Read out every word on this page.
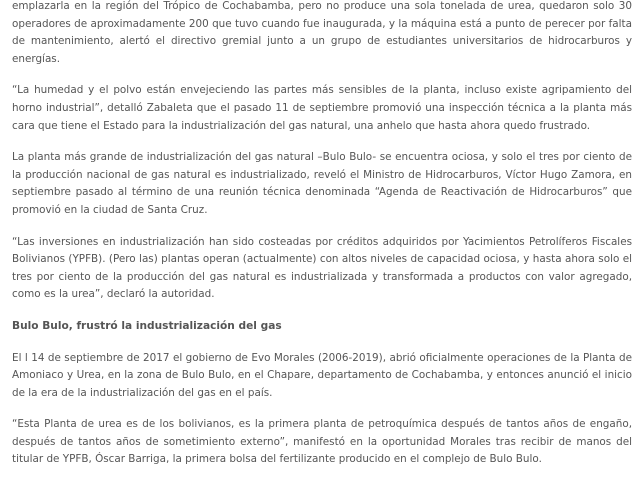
emplazarla en la región del Trópico de Cochabamba, pero no produce una sola tonelada de urea, quedaron solo 30 operadores de aproximadamente 200 que tuvo cuando fue inaugurada, y la máquina está a punto de perecer por falta de mantenimiento, alertó el directivo gremial junto a un grupo de estudiantes universitarios de hidrocarburos y energías.

“La humedad y el polvo están envejeciendo las partes más sensibles de la planta, incluso existe agripamiento del horno industrial”, detalló Zabaleta que el pasado 11 de septiembre promovió una inspección técnica a la planta más cara que tiene el Estado para la industrialización del gas natural, una anhelo que hasta ahora quedo frustrado.

La planta más grande de industrialización del gas natural –Bulo Bulo- se encuentra ociosa, y solo el tres por ciento de la producción nacional de gas natural es industrializado, reveló el Ministro de Hidrocarburos, Víctor Hugo Zamora, en septiembre pasado al término de una reunión técnica denominada “Agenda de Reactivación de Hidrocarburos” que promovió en la ciudad de Santa Cruz.

“Las inversiones en industrialización han sido costeadas por créditos adquiridos por Yacimientos Petrolíferos Fiscales Bolivianos (YPFB). (Pero las) plantas operan (actualmente) con altos niveles de capacidad ociosa, y hasta ahora solo el tres por ciento de la producción del gas natural es industrializada y transformada a productos con valor agregado, como es la urea”, declaró la autoridad.

Bulo Bulo, frustró la industrialización del gas

El l 14 de septiembre de 2017 el gobierno de Evo Morales (2006-2019), abrió oficialmente operaciones de la Planta de Amoniaco y Urea, en la zona de Bulo Bulo, en el Chapare, departamento de Cochabamba, y entonces anunció el inicio de la era de la industrialización del gas en el país.

“Esta Planta de urea es de los bolivianos, es la primera planta de petroquímica después de tantos años de engaño, después de tantos años de sometimiento externo”, manifestó en la oportunidad Morales tras recibir de manos del titular de YPFB, Óscar Barriga, la primera bolsa del fertilizante producido en el complejo de Bulo Bulo.
